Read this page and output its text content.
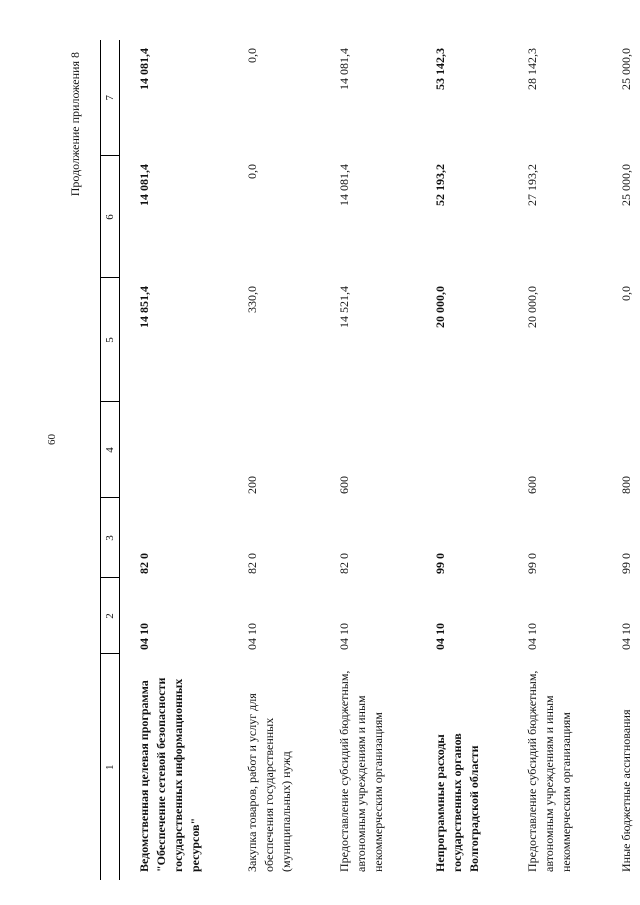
60
Продолжение приложения 8
1	2	3	4	5	6	7
Ведомственная целевая программа "Обеспечение сетевой безопасности государственных информационных ресурсов"	04 10	82 0		14 851,4	14 081,4	14 081,4
Закупка товаров, работ и услуг для обеспечения государственных (муниципальных) нужд	04 10	82 0	200	330,0	0,0	0,0
Предоставление субсидий бюджетным, автономным учреждениям и иным некоммерческим организациям	04 10	82 0	600	14 521,4	14 081,4	14 081,4
Непрограммные расходы государственных органов Волгоградской области	04 10	99 0		20 000,0	52 193,2	53 142,3
Предоставление субсидий бюджетным, автономным учреждениям и иным некоммерческим организациям	04 10	99 0	600	20 000,0	27 193,2	28 142,3
Иные бюджетные ассигнования	04 10	99 0	800	0,0	25 000,0	25 000,0
